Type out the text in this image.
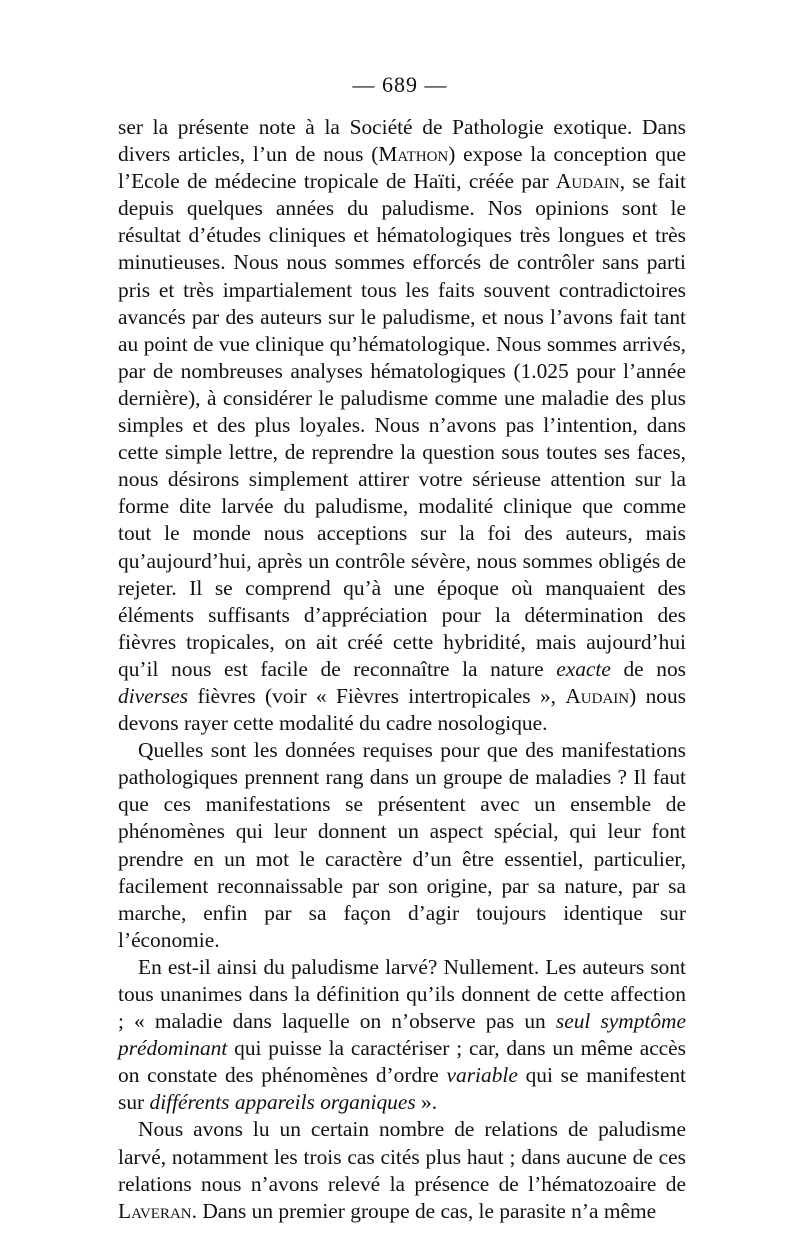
— 689 —

ser la présente note à la Société de Pathologie exotique. Dans divers articles, l’un de nous (Mathon) expose la conception que l’Ecole de médecine tropicale de Haïti, créée par Audain, se fait depuis quelques années du paludisme. Nos opinions sont le résultat d’études cliniques et hématologiques très longues et très minutieuses. Nous nous sommes efforcés de contrôler sans parti pris et très impartialement tous les faits souvent contradictoires avancés par des auteurs sur le paludisme, et nous l’avons fait tant au point de vue clinique qu’hématologique. Nous sommes arrivés, par de nombreuses analyses hématologiques (1.025 pour l’année dernière), à considérer le paludisme comme une maladie des plus simples et des plus loyales. Nous n’avons pas l’intention, dans cette simple lettre, de reprendre la question sous toutes ses faces, nous désirons simplement attirer votre sérieuse attention sur la forme dite larvée du paludisme, modalité clinique que comme tout le monde nous acceptions sur la foi des auteurs, mais qu’aujourd’hui, après un contrôle sévère, nous sommes obligés de rejeter. Il se comprend qu’à une époque où manquaient des éléments suffisants d’appréciation pour la détermination des fièvres tropicales, on ait créé cette hybridité, mais aujourd’hui qu’il nous est facile de reconnaître la nature exacte de nos diverses fièvres (voir « Fièvres intertropicales », Audain) nous devons rayer cette modalité du cadre nosologique.

Quelles sont les données requises pour que des manifestations pathologiques prennent rang dans un groupe de maladies ? Il faut que ces manifestations se présentent avec un ensemble de phénomènes qui leur donnent un aspect spécial, qui leur font prendre en un mot le caractère d’un être essentiel, particulier, facilement reconnaissable par son origine, par sa nature, par sa marche, enfin par sa façon d’agir toujours identique sur l’économie.

En est-il ainsi du paludisme larvé? Nullement. Les auteurs sont tous unanimes dans la définition qu’ils donnent de cette affection ; « maladie dans laquelle on n’observe pas un seul symptôme prédominant qui puisse la caractériser ; car, dans un même accès on constate des phénomènes d’ordre variable qui se manifestent sur différents appareils organiques ».

Nous avons lu un certain nombre de relations de paludisme larvé, notamment les trois cas cités plus haut ; dans aucune de ces relations nous n’avons relevé la présence de l’hématozoaire de Laveran. Dans un premier groupe de cas, le parasite n’a même
